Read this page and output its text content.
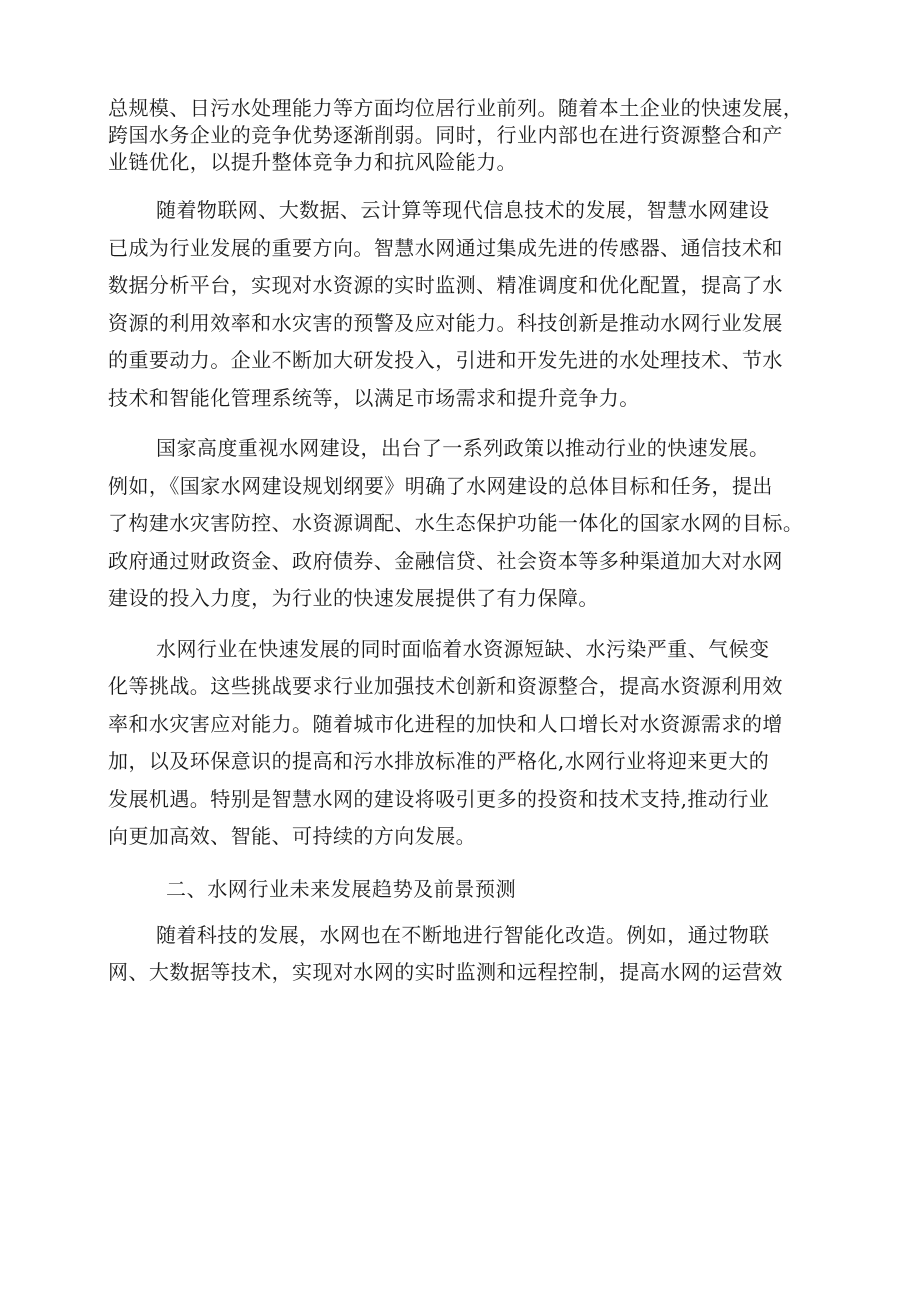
总规模、日污水处理能力等方面均位居行业前列。随着本土企业的快速发展，
跨国水务企业的竞争优势逐渐削弱。同时，行业内部也在进行资源整合和产
业链优化，以提升整体竞争力和抗风险能力。
随着物联网、大数据、云计算等现代信息技术的发展，智慧水网建设
已成为行业发展的重要方向。智慧水网通过集成先进的传感器、通信技术和
数据分析平台，实现对水资源的实时监测、精准调度和优化配置，提高了水
资源的利用效率和水灾害的预警及应对能力。科技创新是推动水网行业发展
的重要动力。企业不断加大研发投入，引进和开发先进的水处理技术、节水
技术和智能化管理系统等，以满足市场需求和提升竞争力。
国家高度重视水网建设，出台了一系列政策以推动行业的快速发展。
例如，《国家水网建设规划纲要》明确了水网建设的总体目标和任务，提出
了构建水灾害防控、水资源调配、水生态保护功能一体化的国家水网的目标。
政府通过财政资金、政府债券、金融信贷、社会资本等多种渠道加大对水网
建设的投入力度，为行业的快速发展提供了有力保障。
水网行业在快速发展的同时面临着水资源短缺、水污染严重、气候变
化等挑战。这些挑战要求行业加强技术创新和资源整合，提高水资源利用效
率和水灾害应对能力。随着城市化进程的加快和人口增长对水资源需求的增
加，以及环保意识的提高和污水排放标准的严格化,水网行业将迎来更大的
发展机遇。特别是智慧水网的建设将吸引更多的投资和技术支持,推动行业
向更加高效、智能、可持续的方向发展。
二、水网行业未来发展趋势及前景预测
随着科技的发展，水网也在不断地进行智能化改造。例如，通过物联
网、大数据等技术，实现对水网的实时监测和远程控制，提高水网的运营效
